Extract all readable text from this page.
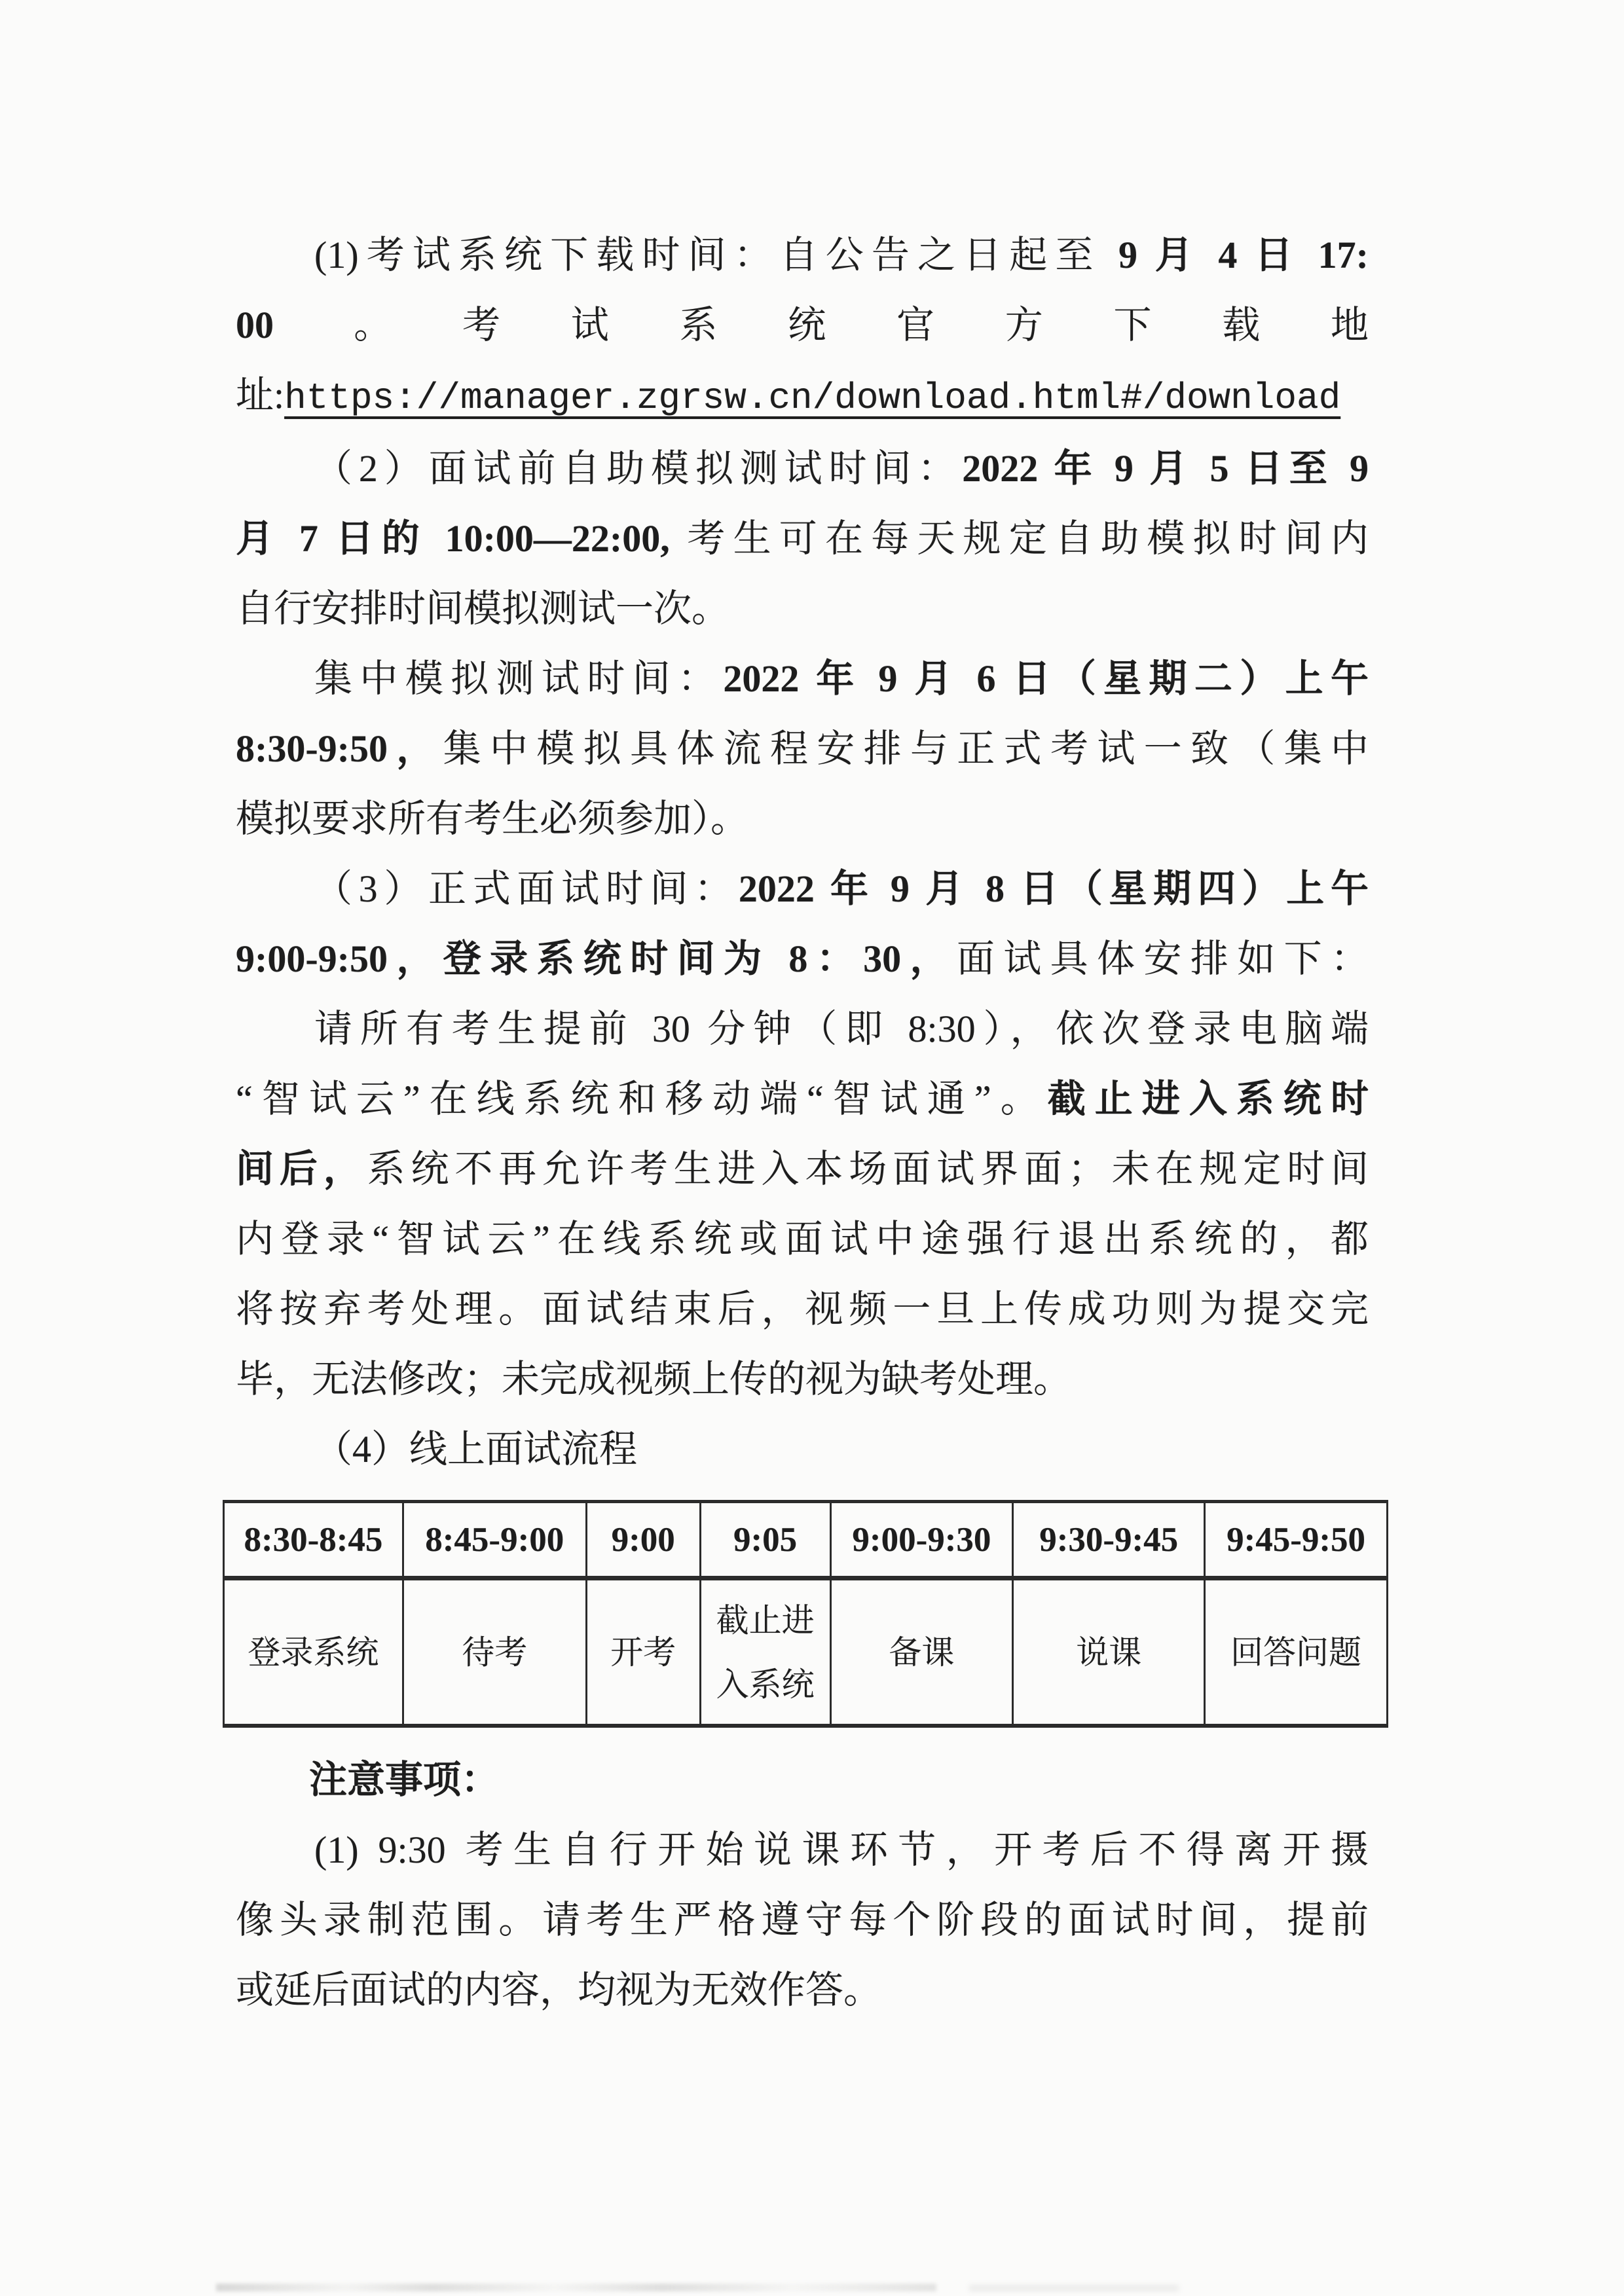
(1)考试系统下载时间：自公告之日起至 9 月 4 日 17:
00 。考试系统官方下载地
址:https://manager.zgrsw.cn/download.html#/download
（2）面试前自助模拟测试时间：2022 年 9 月 5 日至 9
月 7 日的 10:00—22:00, 考生可在每天规定自助模拟时间内
自行安排时间模拟测试一次。
集中模拟测试时间：2022 年 9 月 6 日（星期二）上午
8:30-9:50，集中模拟具体流程安排与正式考试一致（集中
模拟要求所有考生必须参加）。
（3）正式面试时间：2022 年 9 月 8 日（星期四）上午
9:00-9:50，登录系统时间为 8：30，面试具体安排如下：
请所有考生提前 30 分钟（即 8:30），依次登录电脑端
“智试云”在线系统和移动端“智试通”。截止进入系统时
间后，系统不再允许考生进入本场面试界面；未在规定时间
内登录“智试云”在线系统或面试中途强行退出系统的，都
将按弃考处理。面试结束后，视频一旦上传成功则为提交完
毕，无法修改；未完成视频上传的视为缺考处理。
（4）线上面试流程
8:30-8:45	8:45-9:00	9:00	9:05	9:00-9:30	9:30-9:45	9:45-9:50
登录系统	待考	开考	截止进入系统	备课	说课	回答问题
注意事项：
(1) 9:30 考生自行开始说课环节，开考后不得离开摄
像头录制范围。请考生严格遵守每个阶段的面试时间，提前
或延后面试的内容，均视为无效作答。
